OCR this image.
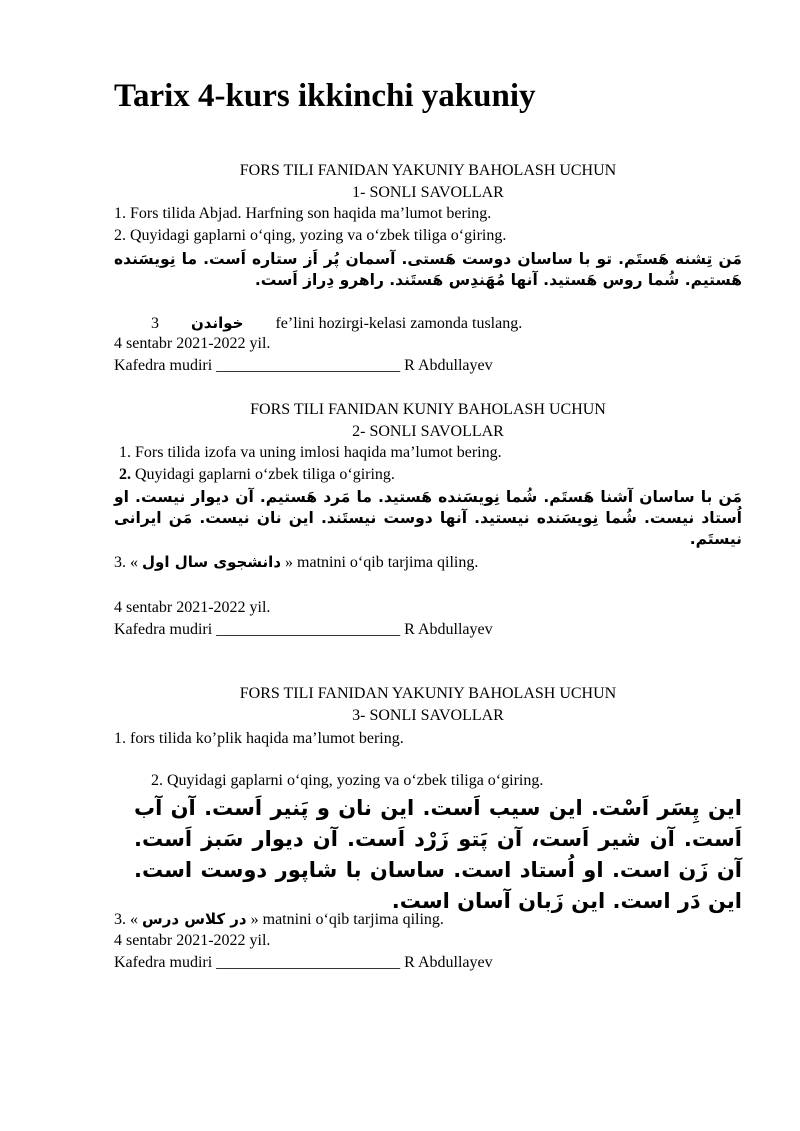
Tarix 4-kurs ikkinchi yakuniy
FORS TILI FANIDAN YAKUNIY BAHOLASH UCHUN
1- SONLI SAVOLLAR
1. Fors tilida Abjad. Harfning son haqida ma’lumot bering.
2. Quyidagi gaplarni o‘qing, yozing va o‘zbek tiliga o‘giring.
مَن تِشنه هَستَم. تو با ساسان دوست هَستی. آسمان پُر اَز ستاره اَست. ما نِویسَنده هَستیم. شُما روس هَستید. آنها مُهَندِس هَستَند. راهرو دِراز اَست.
3 خواندن fe’lini hozirgi-kelasi zamonda tuslang.
4 sentabr 2021-2022 yil.
Kafedra mudiri _______________________ R Abdullayev
FORS TILI FANIDAN KUNIY BAHOLASH UCHUN
2- SONLI SAVOLLAR
1. Fors tilida izofa va uning imlosi haqida ma’lumot bering.
2. Quyidagi gaplarni o‘zbek tiliga o‘giring.
مَن با ساسان آشنا هَستَم. شُما نِویسَنده هَستید. ما مَرد هَستیم. آن دیوار نیست. او اُستاد نیست. شُما نِویسَنده نیستید. آنها دوست نیستَند. این نان نیست. مَن ایرانی نیستَم.
3. « دانشجوی سال اول » matnini o‘qib tarjima qiling.
4 sentabr 2021-2022 yil.
Kafedra mudiri _______________________ R Abdullayev
FORS TILI FANIDAN YAKUNIY BAHOLASH UCHUN
3- SONLI SAVOLLAR
1. fors tilida ko’plik haqida ma’lumot bering.
2. Quyidagi gaplarni o‘qing, yozing va o‘zbek tiliga o‘giring.
این پِسَر اَسْت. این سیب اَست. این نان و پَنیر اَست. آن آب اَست. آن شیر اَست، آن پَتو زَرْد اَست. آن دیوار سَبز اَست. آن زَن است. او اُستاد است. ساسان با شاپور دوست است. این دَر است. این زَبان آسان است.
3. « در کلاس درس » matnini o‘qib tarjima qiling.
4 sentabr 2021-2022 yil.
Kafedra mudiri _______________________ R Abdullayev
